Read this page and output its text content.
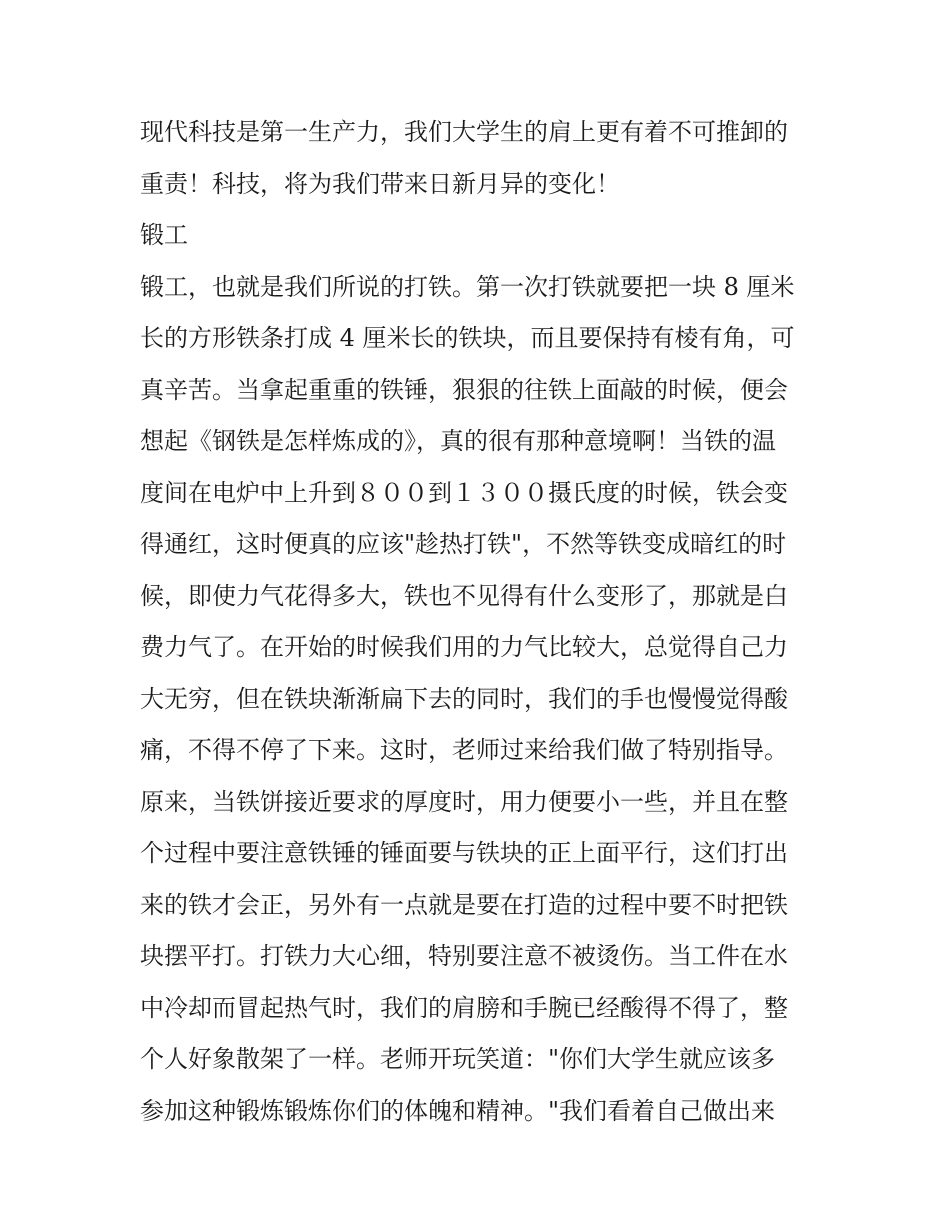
现代科技是第一生产力，我们大学生的肩上更有着不可推卸的
重责！科技，将为我们带来日新月异的变化！
锻工
锻工，也就是我们所说的打铁。第一次打铁就要把一块 8 厘米
长的方形铁条打成 4 厘米长的铁块，而且要保持有棱有角，可
真辛苦。当拿起重重的铁锤，狠狠的往铁上面敲的时候，便会
想起《钢铁是怎样炼成的》，真的很有那种意境啊！当铁的温
度间在电炉中上升到８００到１３００摄氏度的时候，铁会变
得通红，这时便真的应该"趁热打铁"，不然等铁变成暗红的时
候，即使力气花得多大，铁也不见得有什么变形了，那就是白
费力气了。在开始的时候我们用的力气比较大，总觉得自己力
大无穷，但在铁块渐渐扁下去的同时，我们的手也慢慢觉得酸
痛，不得不停了下来。这时，老师过来给我们做了特别指导。
原来，当铁饼接近要求的厚度时，用力便要小一些，并且在整
个过程中要注意铁锤的锤面要与铁块的正上面平行，这们打出
来的铁才会正，另外有一点就是要在打造的过程中要不时把铁
块摆平打。打铁力大心细，特别要注意不被烫伤。当工件在水
中冷却而冒起热气时，我们的肩膀和手腕已经酸得不得了，整
个人好象散架了一样。老师开玩笑道："你们大学生就应该多
参加这种锻炼锻炼你们的体魄和精神。"我们看着自己做出来
